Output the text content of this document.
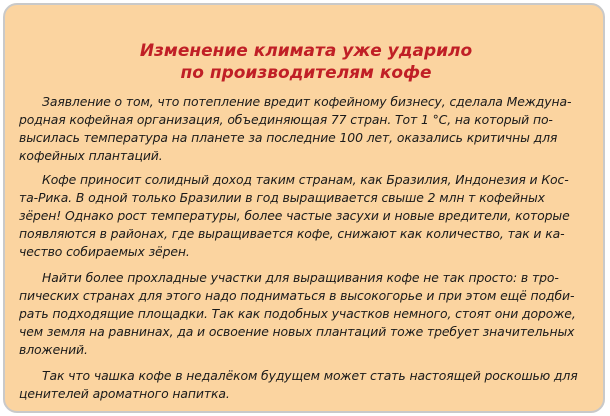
Изменение климата уже ударило
по производителям кофе
Заявление о том, что потепление вредит кофейному бизнесу, сделала Междуна-
родная кофейная организация, объединяющая 77 стран. Тот 1 °С, на который по-
высилась температура на планете за последние 100 лет, оказались критичны для
кофейных плантаций.
Кофе приносит солидный доход таким странам, как Бразилия, Индонезия и Кос-
та-Рика. В одной только Бразилии в год выращивается свыше 2 млн т кофейных
зёрен! Однако рост температуры, более частые засухи и новые вредители, которые
появляются в районах, где выращивается кофе, снижают как количество, так и ка-
чество собираемых зёрен.
Найти более прохладные участки для выращивания кофе не так просто: в тро-
пических странах для этого надо подниматься в высокогорье и при этом ещё подби-
рать подходящие площадки. Так как подобных участков немного, стоят они дороже,
чем земля на равнинах, да и освоение новых плантаций тоже требует значительных
вложений.
Так что чашка кофе в недалёком будущем может стать настоящей роскошью для
ценителей ароматного напитка.
